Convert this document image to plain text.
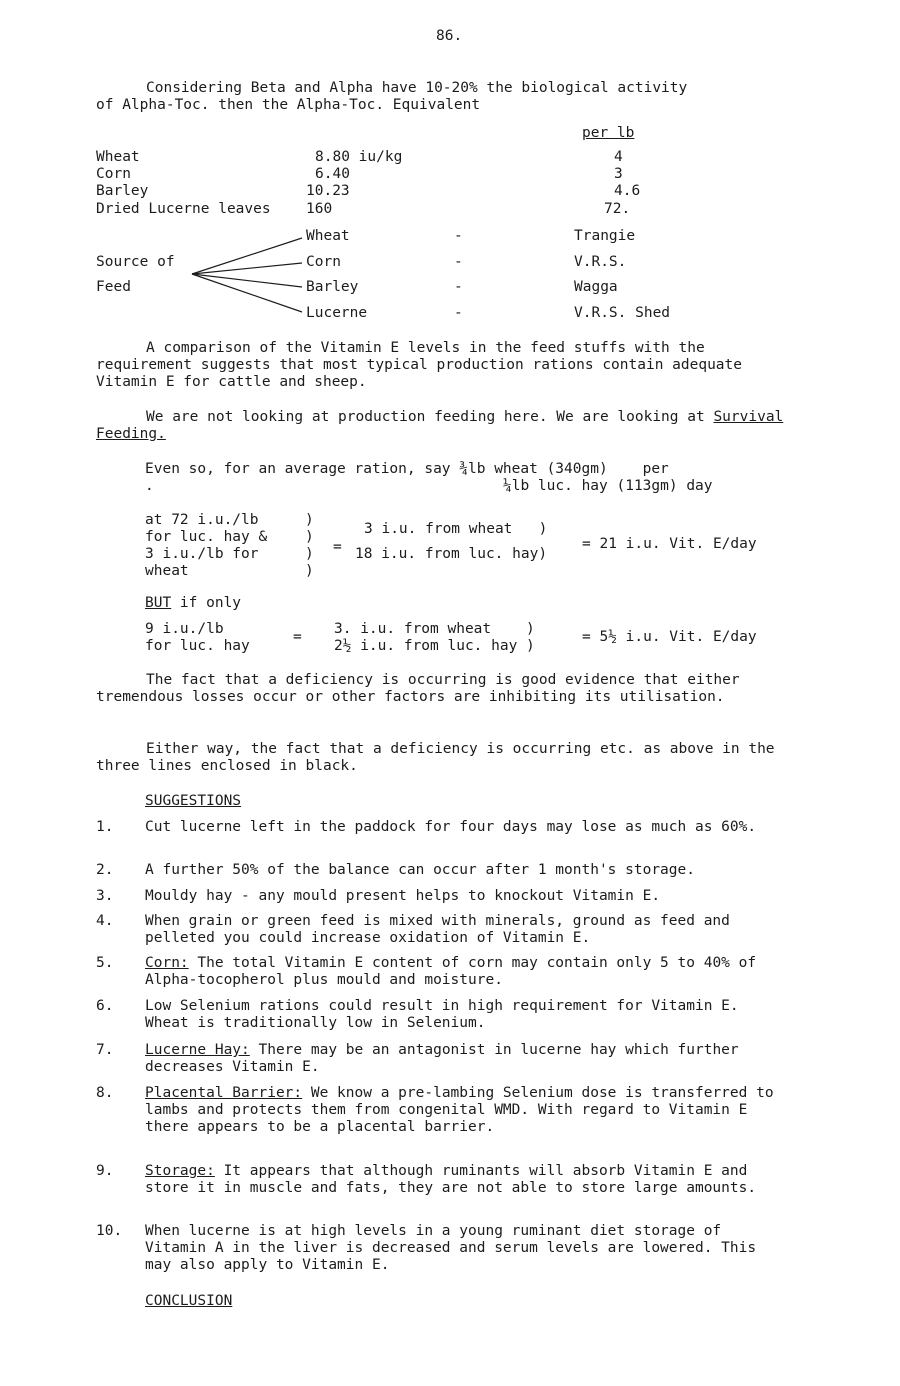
86.
Considering Beta and Alpha have 10-20% the biological activity
of Alpha-Toc. then the Alpha-Toc. Equivalent
per lb
Wheat	8.80 iu/kg	4
Corn	6.40	3
Barley	10.23	4.6
Dried Lucerne leaves 160	72.
Source of
Feed
Wheat	-	Trangie
Corn	-	V.R.S.
Barley	-	Wagga
Lucerne	-	V.R.S. Shed
A comparison of the Vitamin E levels in the feed stuffs with the requirement suggests that most typical production rations contain adequate Vitamin E for cattle and sheep.
We are not looking at production feeding here. We are looking at Survival Feeding.
Even so, for an average ration, say ¾lb wheat (340gm)    per
.	¼lb luc. hay (113gm) day
at 72 i.u./lb
for luc. hay &
3 i.u./lb for
wheat
)
)
)
)
=
3 i.u. from wheat   )
18 i.u. from luc. hay)
= 21 i.u. Vit. E/day
BUT if only
9 i.u./lb
for luc. hay
= 3. i.u. from wheat    )
2½ i.u. from luc. hay )
= 5½ i.u. Vit. E/day
The fact that a deficiency is occurring is good evidence that either tremendous losses occur or other factors are inhibiting its utilisation.
Either way, the fact that a deficiency is occurring etc. as above in the three lines enclosed in black.
SUGGESTIONS
1. Cut lucerne left in the paddock for four days may lose as much as 60%.
2. A further 50% of the balance can occur after 1 month's storage.
3. Mouldy hay - any mould present helps to knockout Vitamin E.
4. When grain or green feed is mixed with minerals, ground as feed and pelleted you could increase oxidation of Vitamin E.
5. Corn: The total Vitamin E content of corn may contain only 5 to 40% of Alpha-tocopherol plus mould and moisture.
6. Low Selenium rations could result in high requirement for Vitamin E. Wheat is traditionally low in Selenium.
7. Lucerne Hay: There may be an antagonist in lucerne hay which further decreases Vitamin E.
8. Placental Barrier: We know a pre-lambing Selenium dose is transferred to lambs and protects them from congenital WMD. With regard to Vitamin E there appears to be a placental barrier.
9. Storage: It appears that although ruminants will absorb Vitamin E and store it in muscle and fats, they are not able to store large amounts.
10. When lucerne is at high levels in a young ruminant diet storage of Vitamin A in the liver is decreased and serum levels are lowered. This may also apply to Vitamin E.
CONCLUSION
